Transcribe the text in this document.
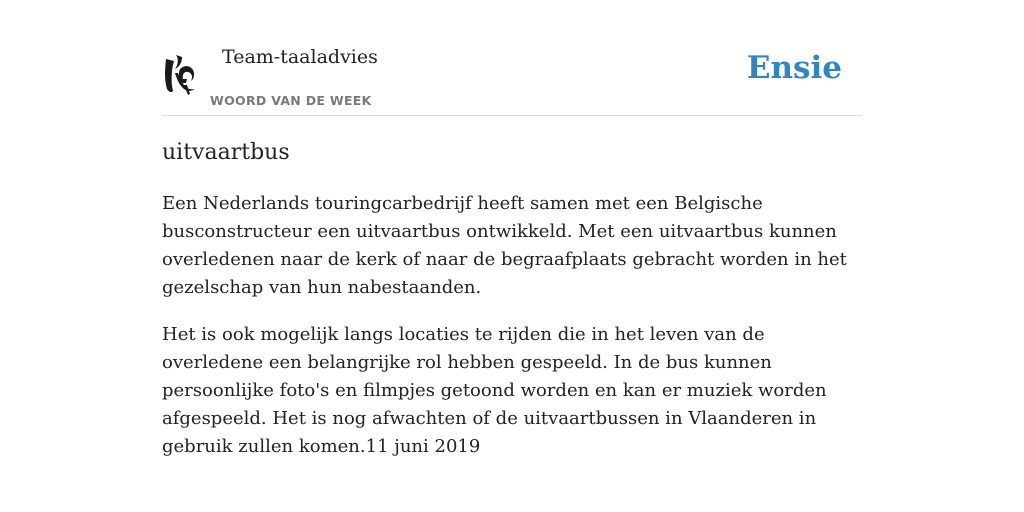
Team-taaladvies
WOORD VAN DE WEEK
Ensie
uitvaartbus

Een Nederlands touringcarbedrijf heeft samen met een Belgische busconstructeur een uitvaartbus ontwikkeld. Met een uitvaartbus kunnen overledenen naar de kerk of naar de begraafplaats gebracht worden in het gezelschap van hun nabestaanden.

Het is ook mogelijk langs locaties te rijden die in het leven van de overledene een belangrijke rol hebben gespeeld. In de bus kunnen persoonlijke foto's en filmpjes getoond worden en kan er muziek worden afgespeeld. Het is nog afwachten of de uitvaartbussen in Vlaanderen in gebruik zullen komen.11 juni 2019
